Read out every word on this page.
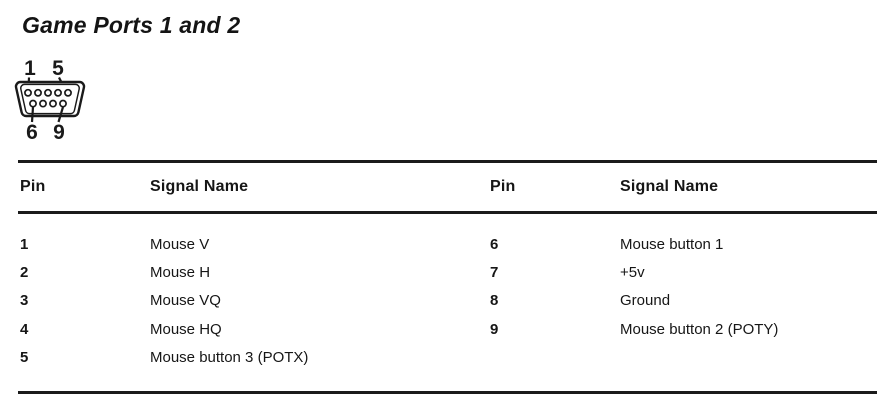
Game Ports 1 and 2
1 5
6 9
Pin	Signal Name	Pin	Signal Name
1	Mouse V	6	Mouse button 1
2	Mouse H	7	+5v
3	Mouse VQ	8	Ground
4	Mouse HQ	9	Mouse button 2 (POTY)
5	Mouse button 3 (POTX)
